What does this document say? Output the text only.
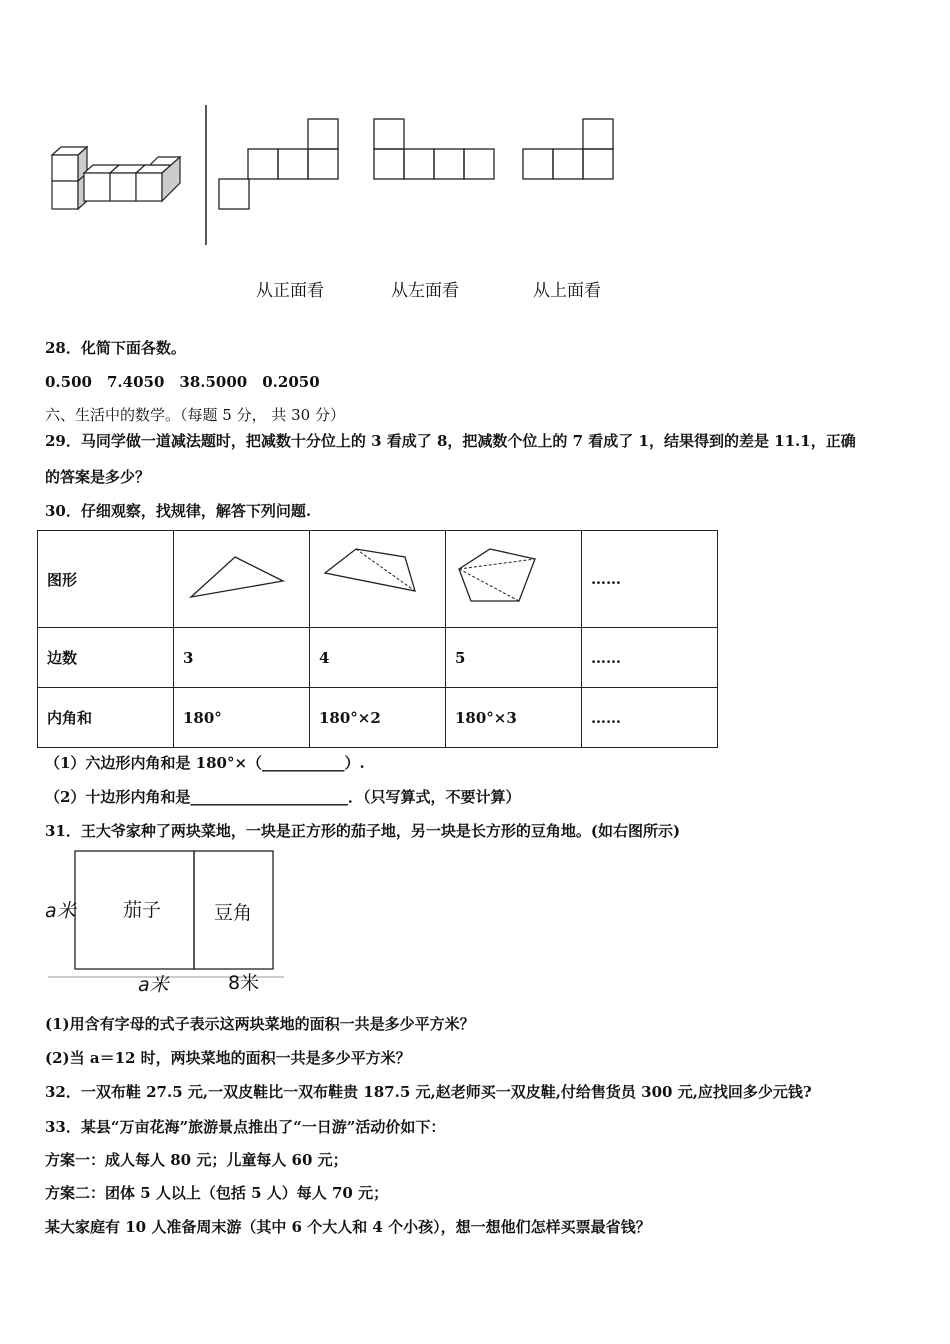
从正面看	从左面看	从上面看
28．化简下面各数。
0.500　7.4050　38.5000　0.2050
六、生活中的数学。（每题 5 分， 共 30 分）
29．马同学做一道减法题时，把减数十分位上的 3 看成了 8，把减数个位上的 7 看成了 1，结果得到的差是 11.1，正确
的答案是多少？
30．仔细观察，找规律，解答下列问题.
图形				……
边数	3	4	5	……
内角和	180°	180°×2	180°×3	……
（1）六边形内角和是 180°×（___________）.
（2）十边形内角和是_____________________．（只写算式，不要计算）
31．王大爷家种了两块菜地，一块是正方形的茄子地，另一块是长方形的豆角地。(如右图所示)
a米 茄子	豆角
a米	8米
(1)用含有字母的式子表示这两块菜地的面积一共是多少平方米？
(2)当 a＝12 时，两块菜地的面积一共是多少平方米？
32．一双布鞋 27.5 元,一双皮鞋比一双布鞋贵 187.5 元,赵老师买一双皮鞋,付给售货员 300 元,应找回多少元钱?
33．某县“万亩花海”旅游景点推出了“一日游”活动价如下：
方案一：成人每人 80 元；儿童每人 60 元；
方案二：团体 5 人以上（包括 5 人）每人 70 元；
某大家庭有 10 人准备周末游（其中 6 个大人和 4 个小孩），想一想他们怎样买票最省钱？
